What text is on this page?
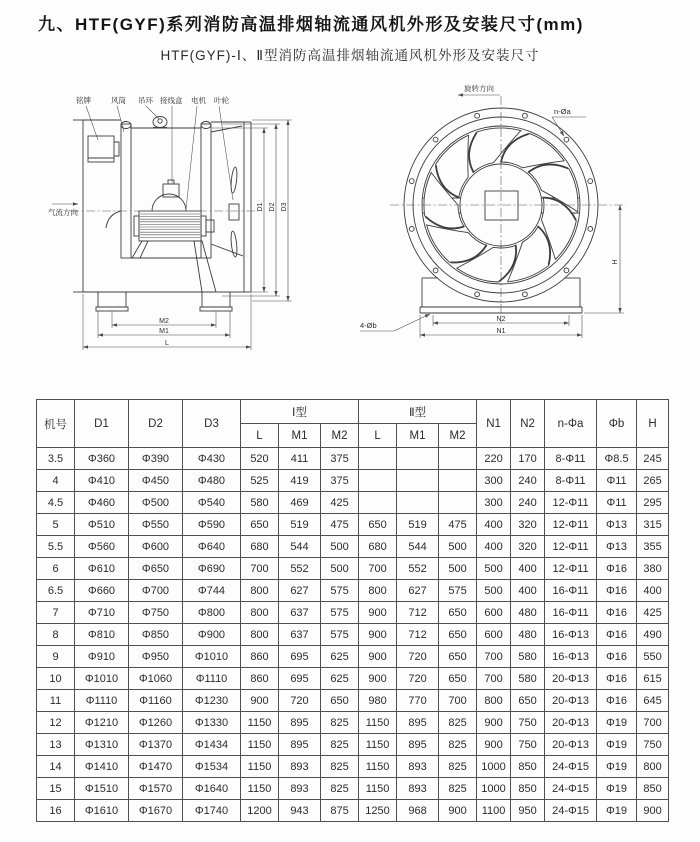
九、HTF(GYF)系列消防高温排烟轴流通风机外形及安装尺寸(mm)
HTF(GYF)-Ⅰ、Ⅱ型消防高温排烟轴流通风机外形及安装尺寸
铭牌	风筒 吊环 接线盒 电机 叶轮
气流方向
D1 D2 D3
M2
M1
L
旋转方向
n-Øa
4-Øb
H
N2
N1
机号	D1	D2	D3	Ⅰ型			Ⅱ型			N1	N2	n-Φa	Φb	H
				L	M1	M2	L	M1	M2					
3.5	Φ360	Φ390	Φ430	520	411	375				220	170	8-Φ11	Φ8.5	245
4	Φ410	Φ450	Φ480	525	419	375				300	240	8-Φ11	Φ11	265
4.5	Φ460	Φ500	Φ540	580	469	425				300	240	12-Φ11	Φ11	295
5	Φ510	Φ550	Φ590	650	519	475	650	519	475	400	320	12-Φ11	Φ13	315
5.5	Φ560	Φ600	Φ640	680	544	500	680	544	500	400	320	12-Φ11	Φ13	355
6	Φ610	Φ650	Φ690	700	552	500	700	552	500	500	400	12-Φ11	Φ16	380
6.5	Φ660	Φ700	Φ744	800	627	575	800	627	575	500	400	16-Φ11	Φ16	400
7	Φ710	Φ750	Φ800	800	637	575	900	712	650	600	480	16-Φ11	Φ16	425
8	Φ810	Φ850	Φ900	800	637	575	900	712	650	600	480	16-Φ13	Φ16	490
9	Φ910	Φ950	Φ1010	860	695	625	900	720	650	700	580	16-Φ13	Φ16	550
10	Φ1010	Φ1060	Φ1110	860	695	625	900	720	650	700	580	20-Φ13	Φ16	615
11	Φ1110	Φ1160	Φ1230	900	720	650	980	770	700	800	650	20-Φ13	Φ16	645
12	Φ1210	Φ1260	Φ1330	1150	895	825	1150	895	825	900	750	20-Φ13	Φ19	700
13	Φ1310	Φ1370	Φ1434	1150	895	825	1150	895	825	900	750	20-Φ13	Φ19	750
14	Φ1410	Φ1470	Φ1534	1150	893	825	1150	893	825	1000	850	24-Φ15	Φ19	800
15	Φ1510	Φ1570	Φ1640	1150	893	825	1150	893	825	1000	850	24-Φ15	Φ19	850
16	Φ1610	Φ1670	Φ1740	1200	943	875	1250	968	900	1100	950	24-Φ15	Φ19	900
